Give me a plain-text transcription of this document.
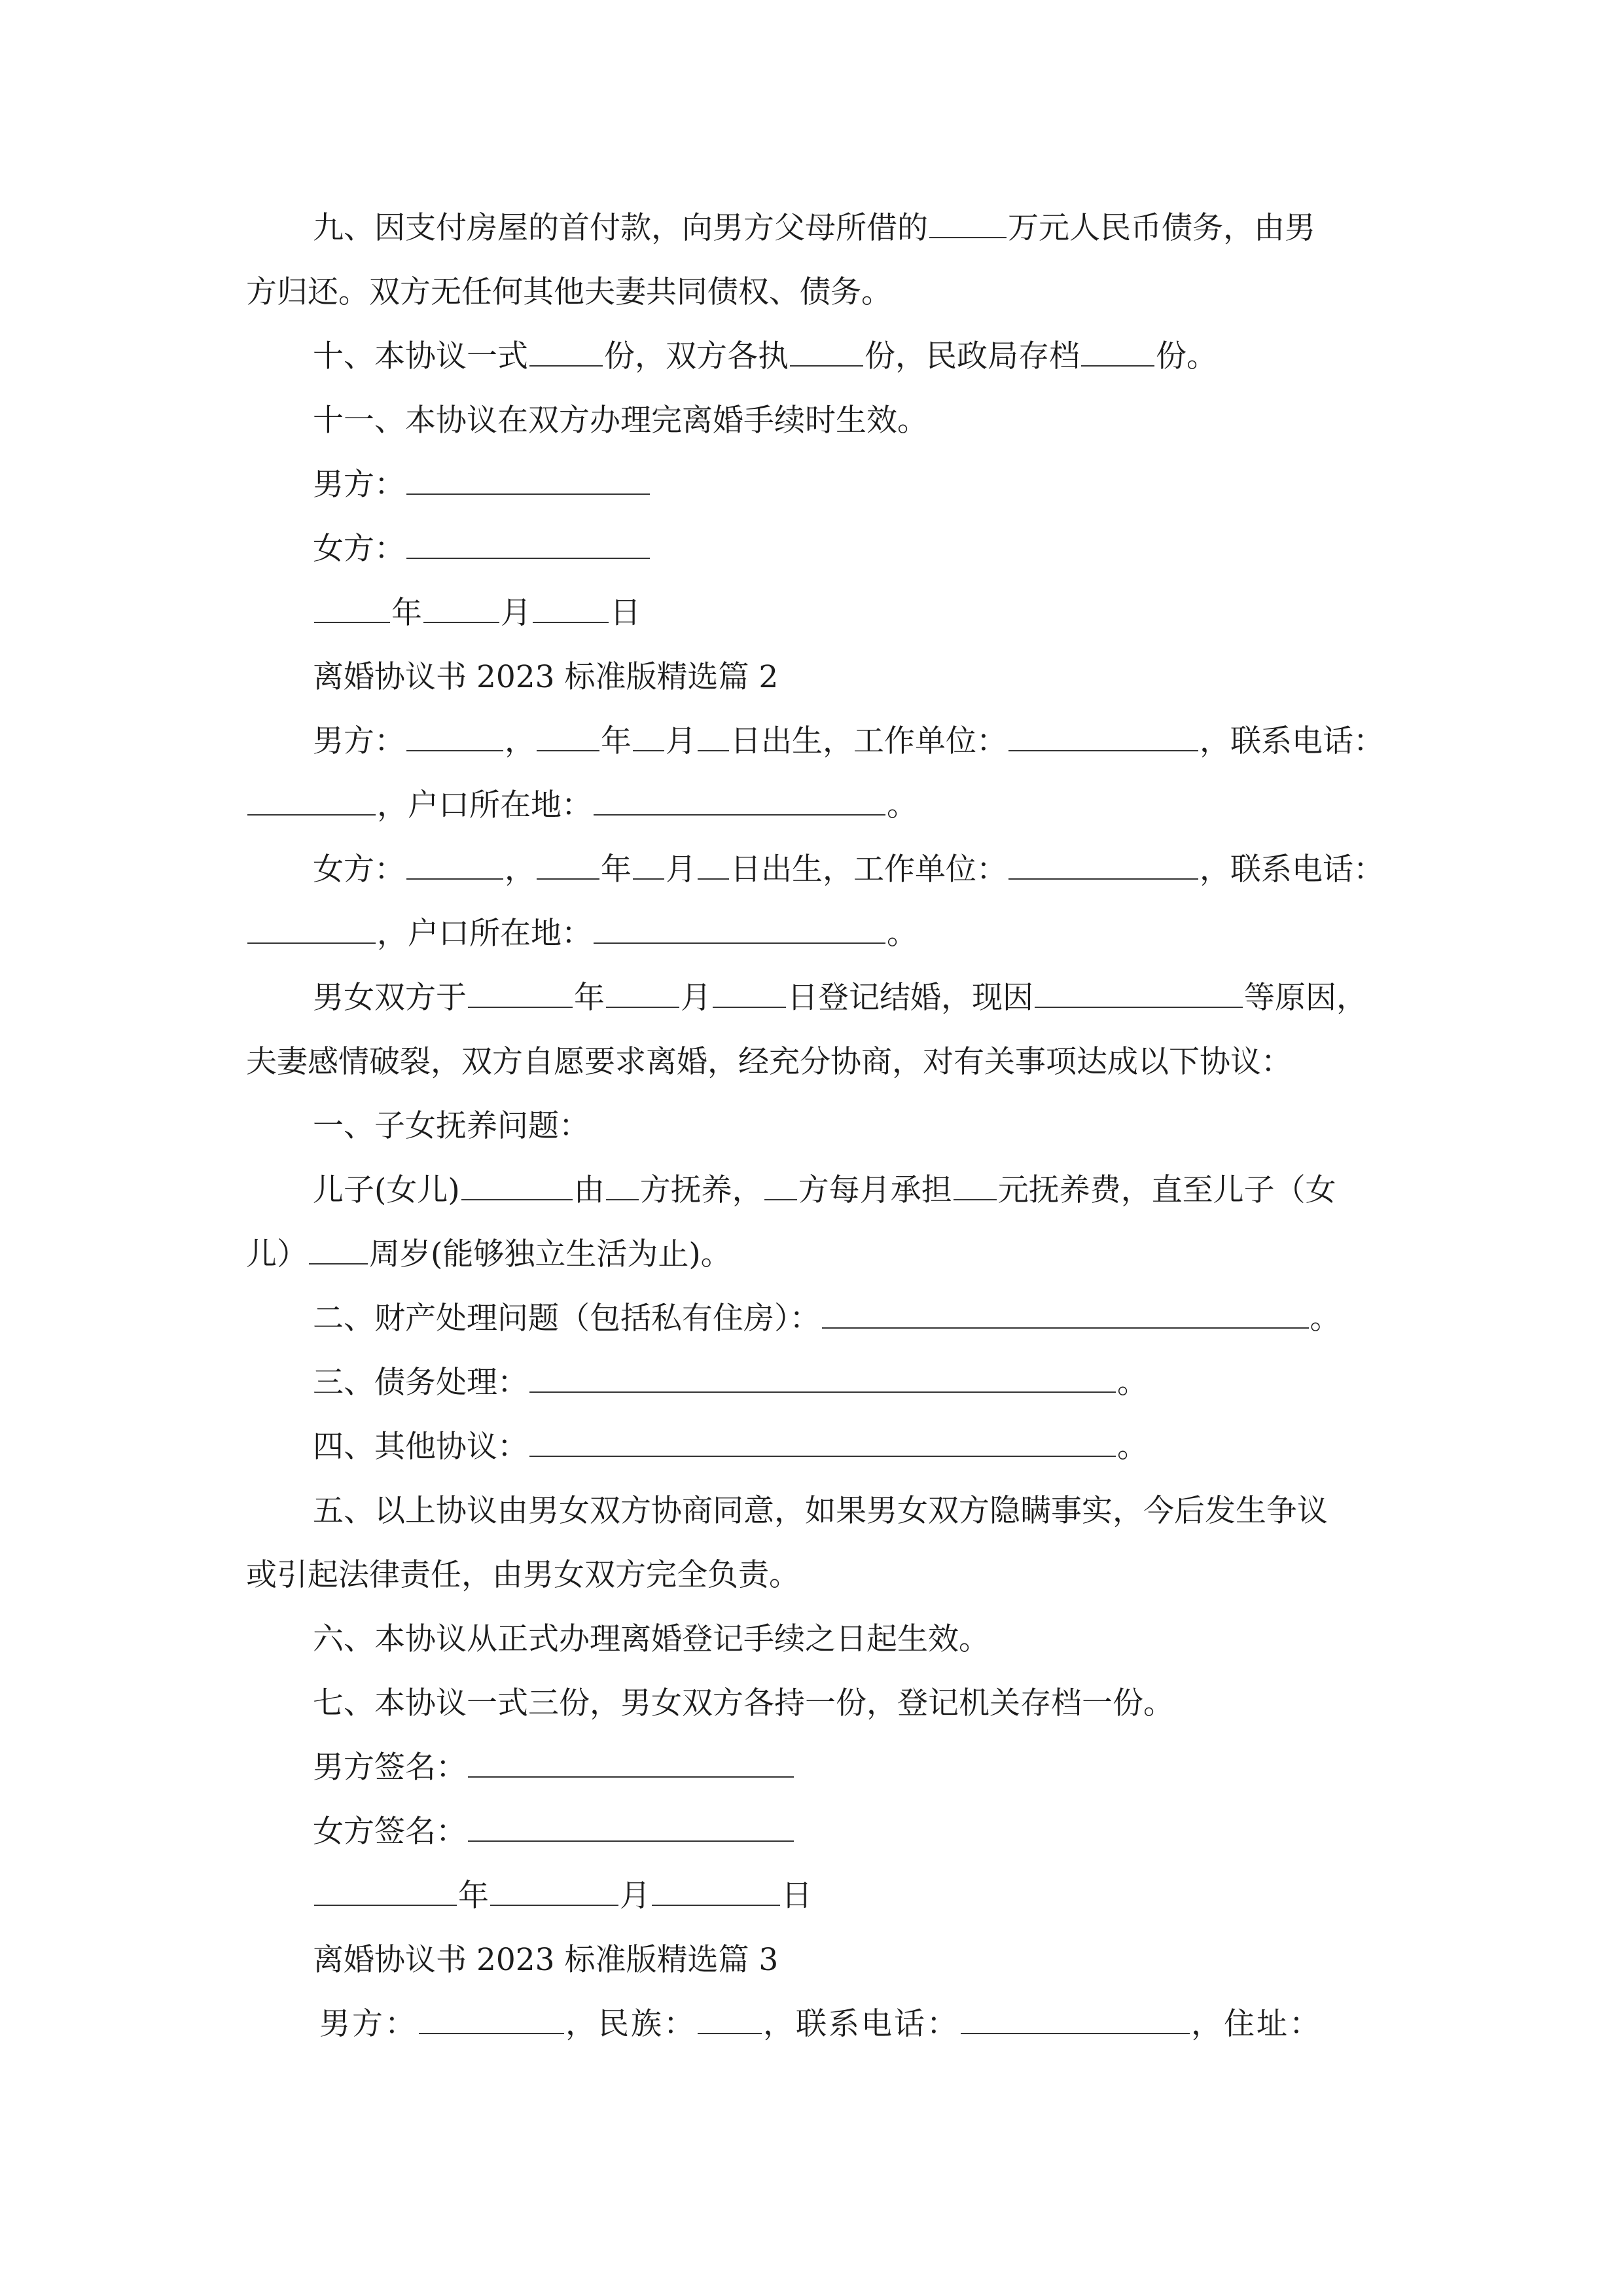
九、因支付房屋的首付款，向男方父母所借的	万元人民币债务，由男
方归还。双方无任何其他夫妻共同债权、债务。
十、本协议一式 份，双方各执 份，民政局存档 份。
十一、本协议在双方办理完离婚手续时生效。
男方：
女方：
年	月	日
离婚协议书 2023 标准版精选篇 2
男方：	， 年 月 日出生，工作单位：	，联系电话：
，户口所在地：	。
女方：	， 年 月 日出生，工作单位：	，联系电话：
，户口所在地：	。
男女双方于	年 月 日登记结婚，现因	等原因，
夫妻感情破裂，双方自愿要求离婚，经充分协商，对有关事项达成以下协议：
一、子女抚养问题：
儿子(女儿)	由 方抚养， 方每月承担 元抚养费，直至儿子（女
儿） 周岁(能够独立生活为止)。
二、财产处理问题（包括私有住房）：	。
三、债务处理：	。
四、其他协议：	。
五、以上协议由男女双方协商同意，如果男女双方隐瞒事实，今后发生争议
或引起法律责任，由男女双方完全负责。
六、本协议从正式办理离婚登记手续之日起生效。
七、本协议一式三份，男女双方各持一份，登记机关存档一份。
男方签名：
女方签名：
年	月	日
离婚协议书 2023 标准版精选篇 3
男方：	，民族： ，联系电话：	，住址：
